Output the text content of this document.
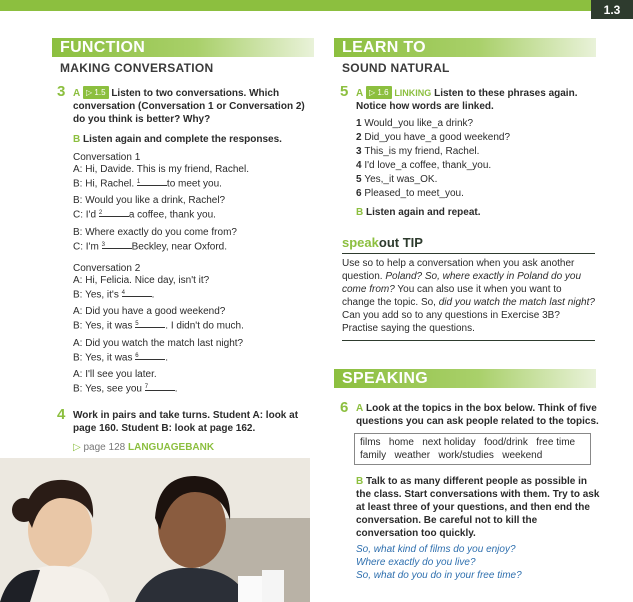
1.3
FUNCTION
MAKING CONVERSATION
3 A ▷ 1.5 Listen to two conversations. Which conversation (Conversation 1 or Conversation 2) do you think is better? Why?
B Listen again and complete the responses.
Conversation 1
A: Hi, Davide. This is my friend, Rachel.
B: Hi, Rachel. $^1$	to meet you.
B: Would you like a drink, Rachel?
C: I'd $^2$	a coffee, thank you.
B: Where exactly do you come from?
C: I'm $^3$	Beckley, near Oxford.
Conversation 2
A: Hi, Felicia. Nice day, isn't it?
B: Yes, it's $^4$	.
A: Did you have a good weekend?
B: Yes, it was $^5$	. I didn't do much.
A: Did you watch the match last night?
B: Yes, it was $^6$	.
A: I'll see you later.
B: Yes, see you $^7$	.
4 Work in pairs and take turns. Student A: look at page 160. Student B: look at page 162.
▷ page 128 LANGUAGEBANK
LEARN TO
SOUND NATURAL
5 A ▷ 1.6 LINKING Listen to these phrases again. Notice how words are linked.
1 Would_you like_a drink?
2 Did_you have_a good weekend?
3 This_is my friend, Rachel.
4 I'd love_a coffee, thank_you.
5 Yes,_it was_OK.
6 Pleased_to meet_you.
B Listen again and repeat.
speakout TIP
Use so to help a conversation when you ask another question. Poland? So, where exactly in Poland do you come from? You can also use it when you want to change the topic. So, did you watch the match last night? Can you add so to any questions in Exercise 3B? Practise saying the questions.
SPEAKING
6 A Look at the topics in the box below. Think of five questions you can ask people related to the topics.
films   home   next holiday   food/drink   free time
family   weather   work/studies   weekend
B Talk to as many different people as possible in the class. Start conversations with them. Try to ask at least three of your questions, and then end the conversation. Be careful not to kill the conversation too quickly.
So, what kind of films do you enjoy?
Where exactly do you live?
So, what do you do in your free time?
